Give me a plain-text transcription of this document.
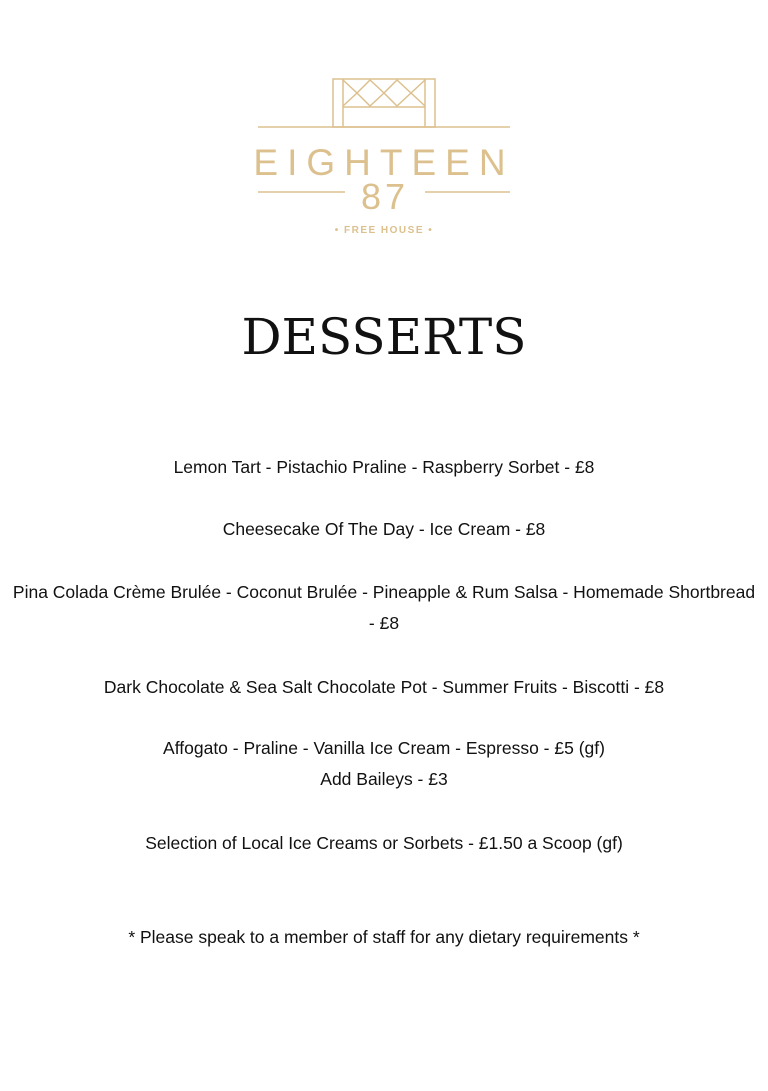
EIGHTEEN
87
• FREE HOUSE •
DESSERTS
Lemon Tart - Pistachio Praline - Raspberry Sorbet - £8
Cheesecake Of The Day - Ice Cream - £8
Pina Colada Crème Brulée - Coconut Brulée - Pineapple & Rum Salsa - Homemade Shortbread - £8
Dark Chocolate & Sea Salt Chocolate Pot - Summer Fruits - Biscotti - £8
Affogato - Praline - Vanilla Ice Cream - Espresso - £5 (gf)
Add Baileys - £3
Selection of Local Ice Creams or Sorbets - £1.50 a Scoop (gf)
* Please speak to a member of staff for any dietary requirements *
